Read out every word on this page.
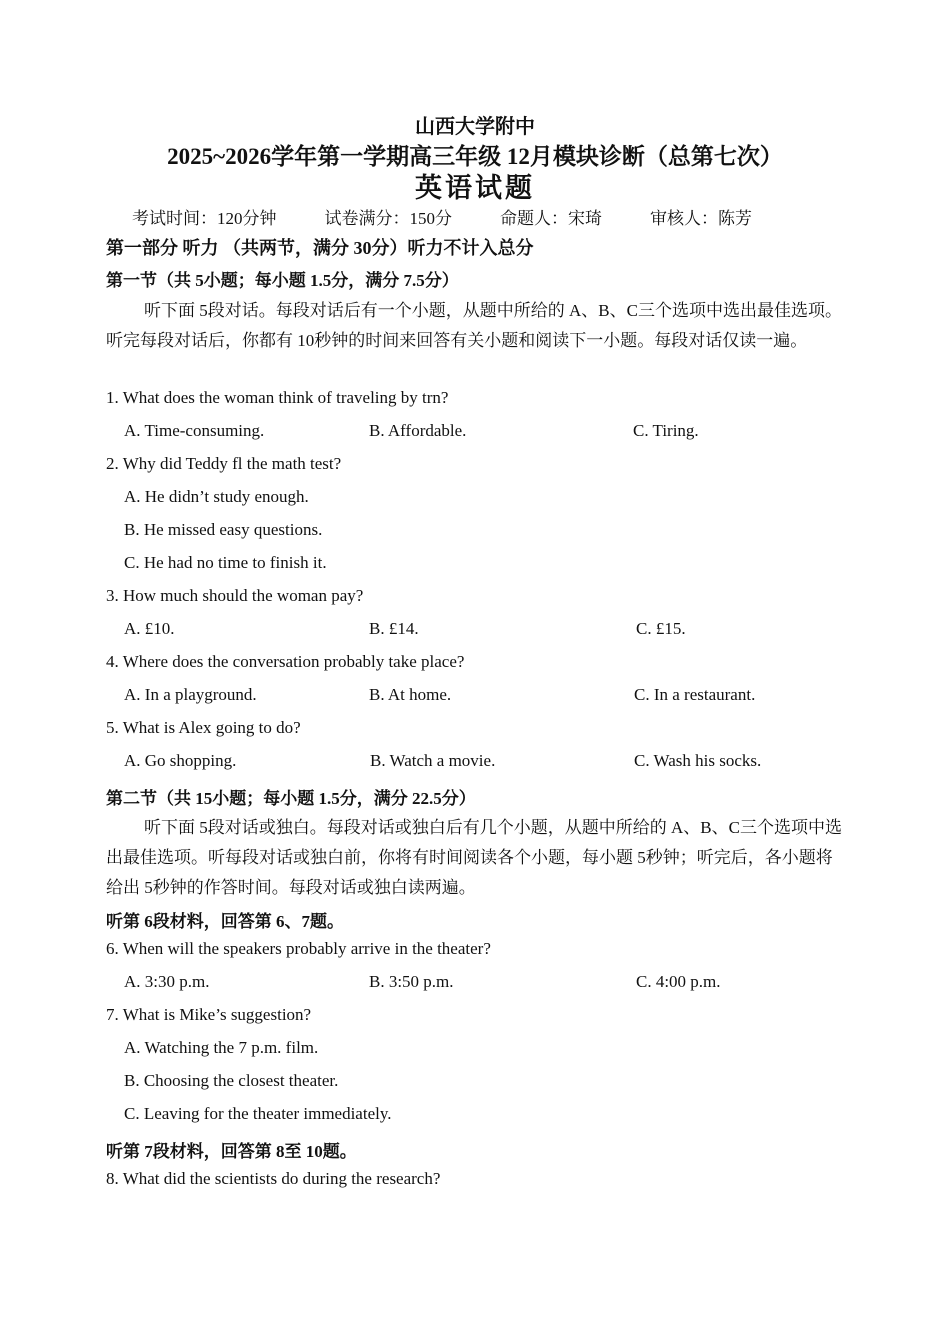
山西大学附中
2025~2026学年第一学期高三年级 12月模块诊断（总第七次）
英语试题
考试时间：120分钟	试卷满分：150分	命题人：宋琦	审核人：陈芳
第一部分 听力 （共两节，满分 30分）听力不计入总分
第一节（共 5小题；每小题 1.5分，满分 7.5分）
听下面 5段对话。每段对话后有一个小题，从题中所给的 A、B、C三个选项中选出最佳选项。听完每段对话后，你都有 10秒钟的时间来回答有关小题和阅读下一小题。每段对话仅读一遍。
1. What does the woman think of traveling by trn?
A. Time-consuming.	B. Affordable.	C. Tiring.
2. Why did Teddy fl the math test?
A. He didn’t study enough.
B. He missed easy questions.
C. He had no time to finish it.
3. How much should the woman pay?
A. £10.	B. £14.	C. £15.
4. Where does the conversation probably take place?
A. In a playground.	B. At home.	C. In a restaurant.
5. What is Alex going to do?
A. Go shopping.	B. Watch a movie.	C. Wash his socks.
第二节（共 15小题；每小题 1.5分，满分 22.5分）
听下面 5段对话或独白。每段对话或独白后有几个小题，从题中所给的 A、B、C三个选项中选出最佳选项。听每段对话或独白前，你将有时间阅读各个小题，每小题 5秒钟；听完后，各小题将给出 5秒钟的作答时间。每段对话或独白读两遍。
听第 6段材料，回答第 6、7题。
6. When will the speakers probably arrive in the theater?
A. 3:30 p.m.	B. 3:50 p.m.	C. 4:00 p.m.
7. What is Mike’s suggestion?
A. Watching the 7 p.m. film.
B. Choosing the closest theater.
C. Leaving for the theater immediately.
听第 7段材料，回答第 8至 10题。
8. What did the scientists do during the research?
